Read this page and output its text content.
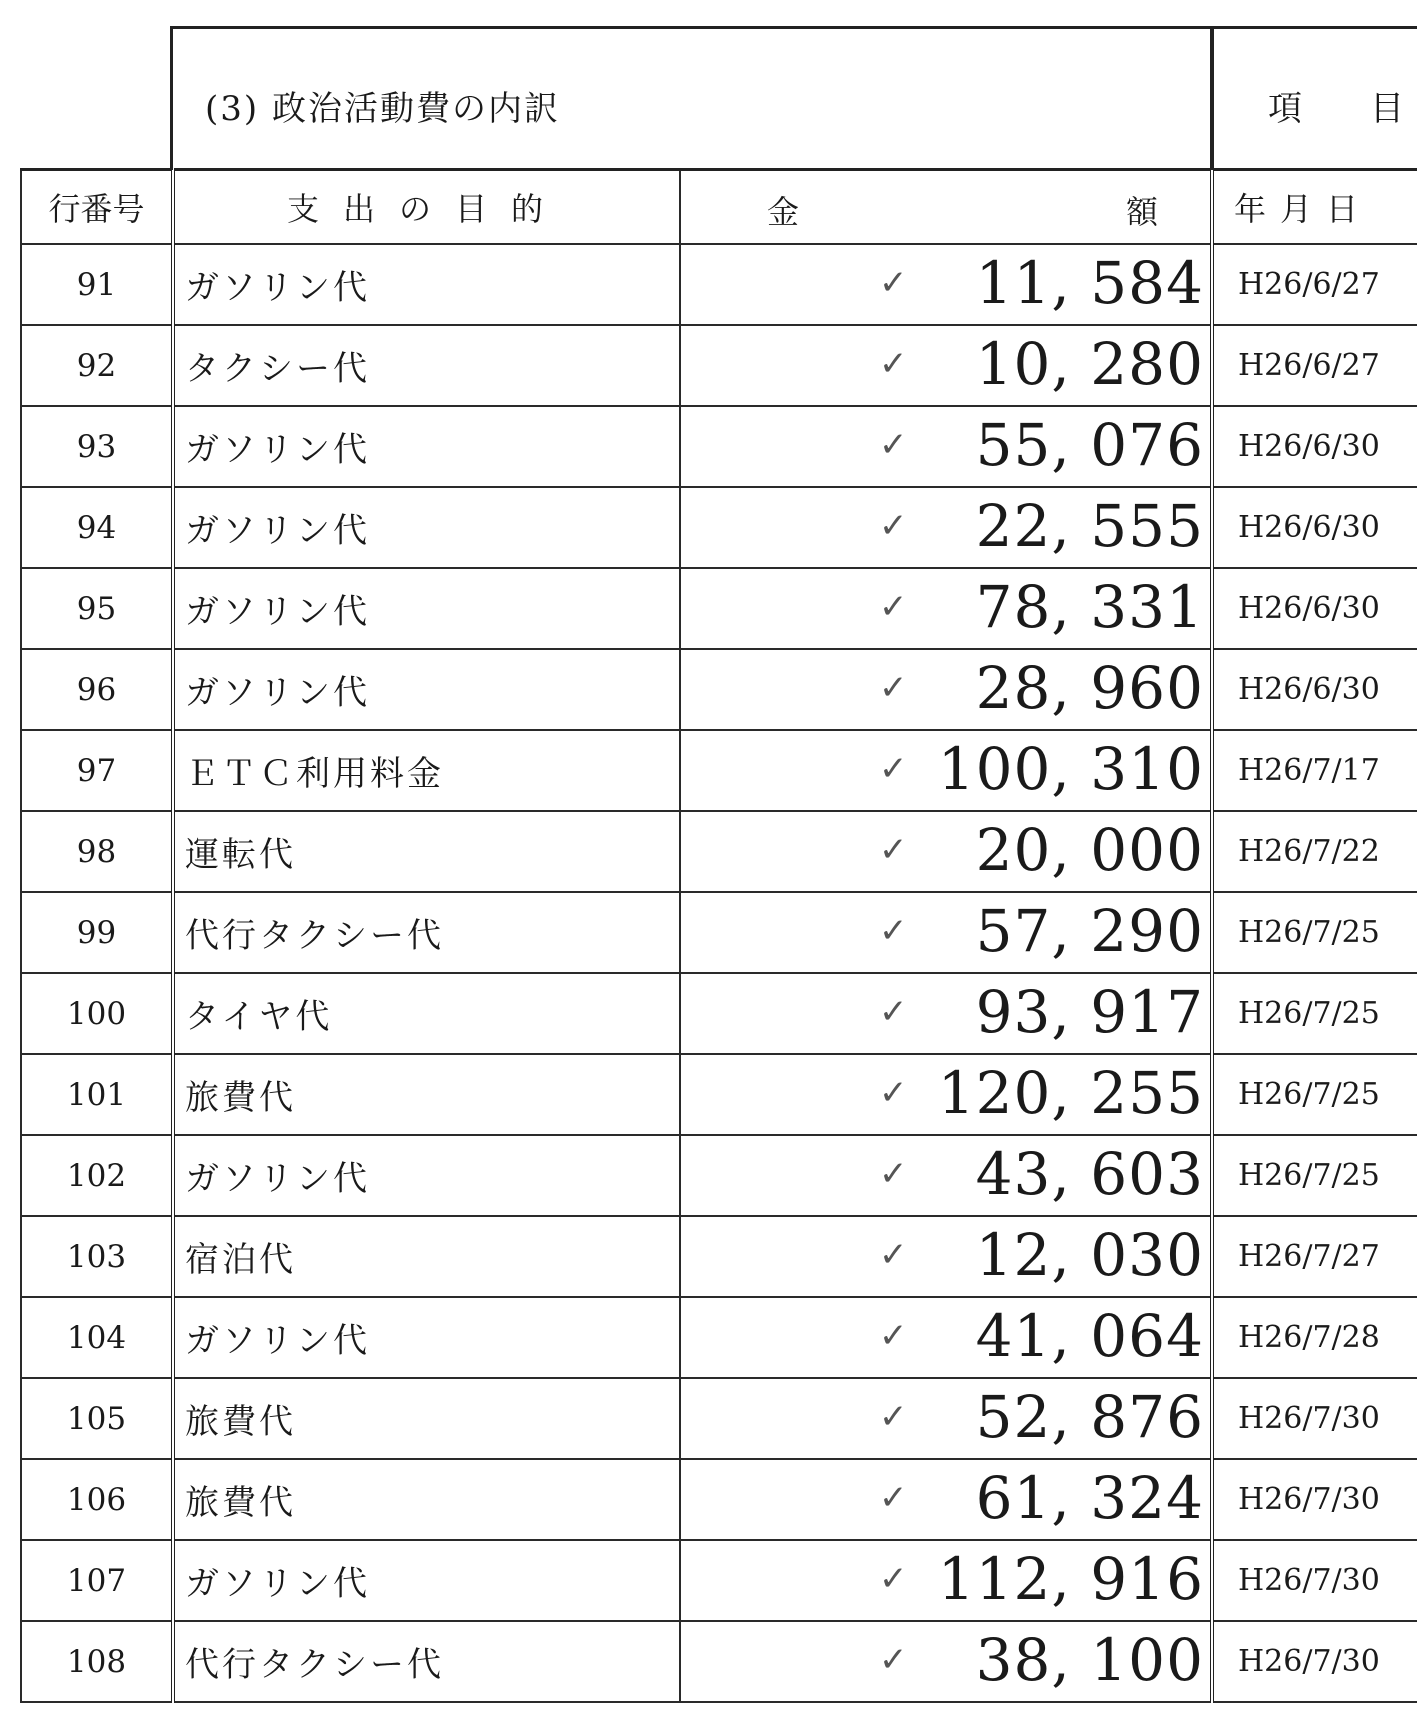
(3) 政治活動費の内訳	項　　目
行番号	支出の目的	金 額	年月日
91	ガソリン代	✓ 11, 584	H26/6/27
92	タクシー代	✓ 10, 280	H26/6/27
93	ガソリン代	✓ 55, 076	H26/6/30
94	ガソリン代	✓ 22, 555	H26/6/30
95	ガソリン代	✓ 78, 331	H26/6/30
96	ガソリン代	✓ 28, 960	H26/6/30
97	ＥＴＣ利用料金	✓ 100, 310	H26/7/17
98	運転代	✓ 20, 000	H26/7/22
99	代行タクシー代	✓ 57, 290	H26/7/25
100	タイヤ代	✓ 93, 917	H26/7/25
101	旅費代	✓ 120, 255	H26/7/25
102	ガソリン代	✓ 43, 603	H26/7/25
103	宿泊代	✓ 12, 030	H26/7/27
104	ガソリン代	✓ 41, 064	H26/7/28
105	旅費代	✓ 52, 876	H26/7/30
106	旅費代	✓ 61, 324	H26/7/30
107	ガソリン代	✓ 112, 916	H26/7/30
108	代行タクシー代	✓ 38, 100	H26/7/30
